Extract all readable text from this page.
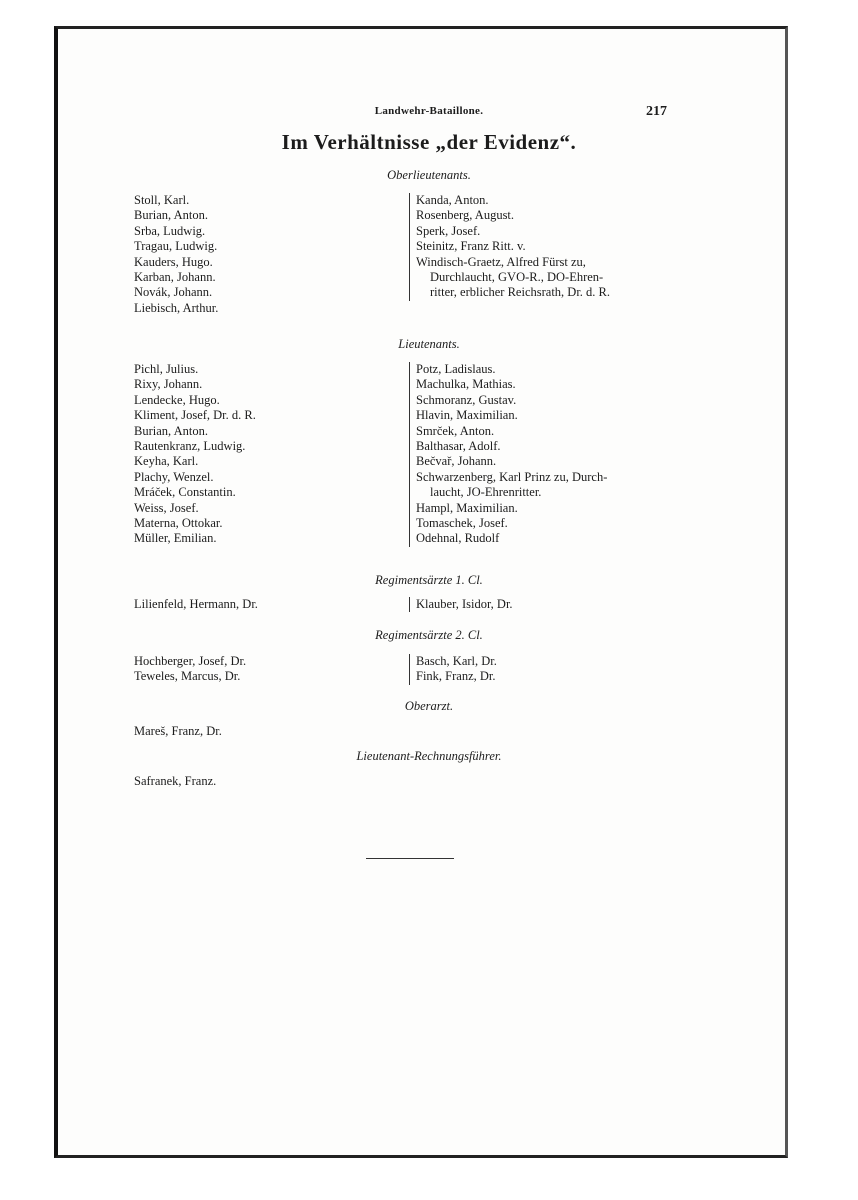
Landwehr-Bataillone.	217
Im Verhältnisse „der Evidenz“.
Oberlieutenants.
Stoll, Karl.
Burian, Anton.
Srba, Ludwig.
Tragau, Ludwig.
Kauders, Hugo.
Karban, Johann.
Novák, Johann.
Liebisch, Arthur.
Kanda, Anton.
Rosenberg, August.
Sperk, Josef.
Steinitz, Franz Ritt. v.
Windisch-Graetz, Alfred Fürst zu,
Durchlaucht, GVO-R., DO-Ehren-
ritter, erblicher Reichsrath, Dr. d. R.
Lieutenants.
Pichl, Julius.
Rixy, Johann.
Lendecke, Hugo.
Kliment, Josef, Dr. d. R.
Burian, Anton.
Rautenkranz, Ludwig.
Keyha, Karl.
Plachy, Wenzel.
Mráček, Constantin.
Weiss, Josef.
Materna, Ottokar.
Müller, Emilian.
Potz, Ladislaus.
Machulka, Mathias.
Schmoranz, Gustav.
Hlavin, Maximilian.
Smrček, Anton.
Balthasar, Adolf.
Bečvař, Johann.
Schwarzenberg, Karl Prinz zu, Durch-
laucht, JO-Ehrenritter.
Hampl, Maximilian.
Tomaschek, Josef.
Odehnal, Rudolf
Regimentsärzte 1. Cl.
Lilienfeld, Hermann, Dr.	Klauber, Isidor, Dr.
Regimentsärzte 2. Cl.
Hochberger, Josef, Dr.
Teweles, Marcus, Dr.
Basch, Karl, Dr.
Fink, Franz, Dr.
Oberarzt.
Mareš, Franz, Dr.
Lieutenant-Rechnungsführer.
Safranek, Franz.
